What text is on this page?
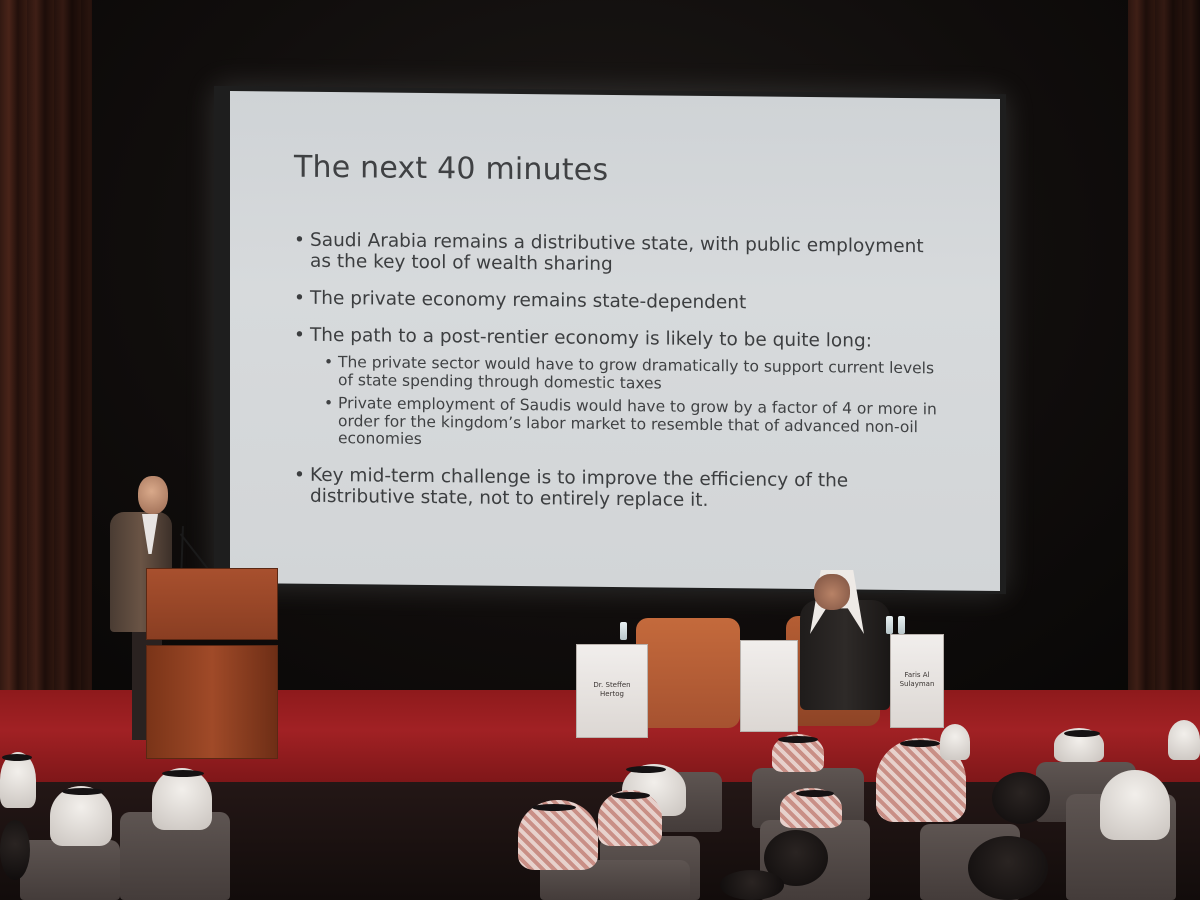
The next 40 minutes
• Saudi Arabia remains a distributive state, with public employment as the key tool of wealth sharing
• The private economy remains state-dependent
• The path to a post-rentier economy is likely to be quite long:
• The private sector would have to grow dramatically to support current levels of state spending through domestic taxes
• Private employment of Saudis would have to grow by a factor of 4 or more in order for the kingdom’s labor market to resemble that of advanced non-oil economies
• Key mid-term challenge is to improve the efficiency of the distributive state, not to entirely replace it.
Dr. Steffen Hertog
Faris Al Sulayman
